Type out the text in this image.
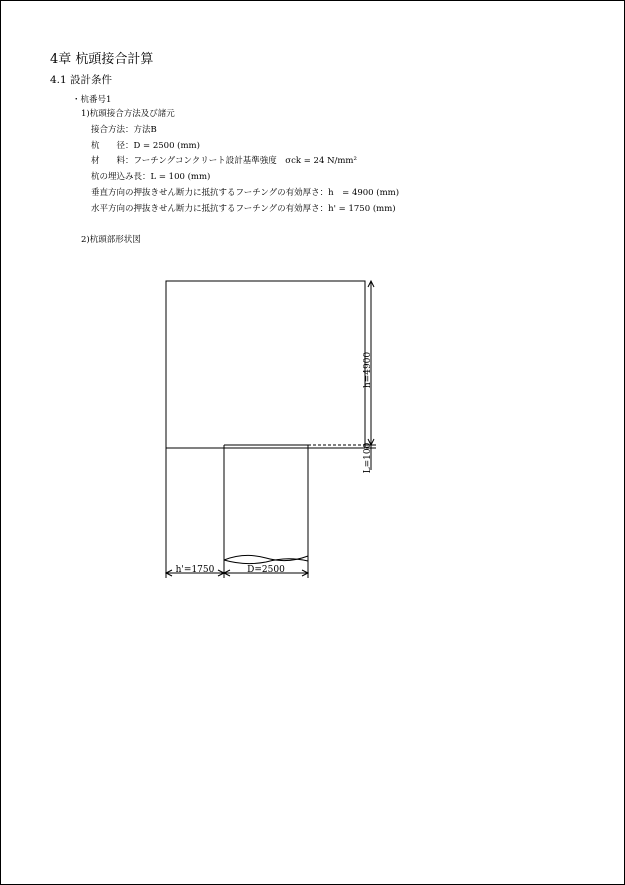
4章 杭頭接合計算
4.1 設計条件
・杭番号1
1)杭頭接合方法及び諸元
接合方法：方法B
杭　　径：D = 2500 (mm)
材　　料：フーチングコンクリート設計基準強度　σck = 24 N/mm²
杭の埋込み長：L = 100 (mm)
垂直方向の押抜きせん断力に抵抗するフーチングの有効厚さ：h　= 4900 (mm)
水平方向の押抜きせん断力に抵抗するフーチングの有効厚さ：h' = 1750 (mm)
2)杭頭部形状図
h=4900
L=100
h'=1750	D=2500
